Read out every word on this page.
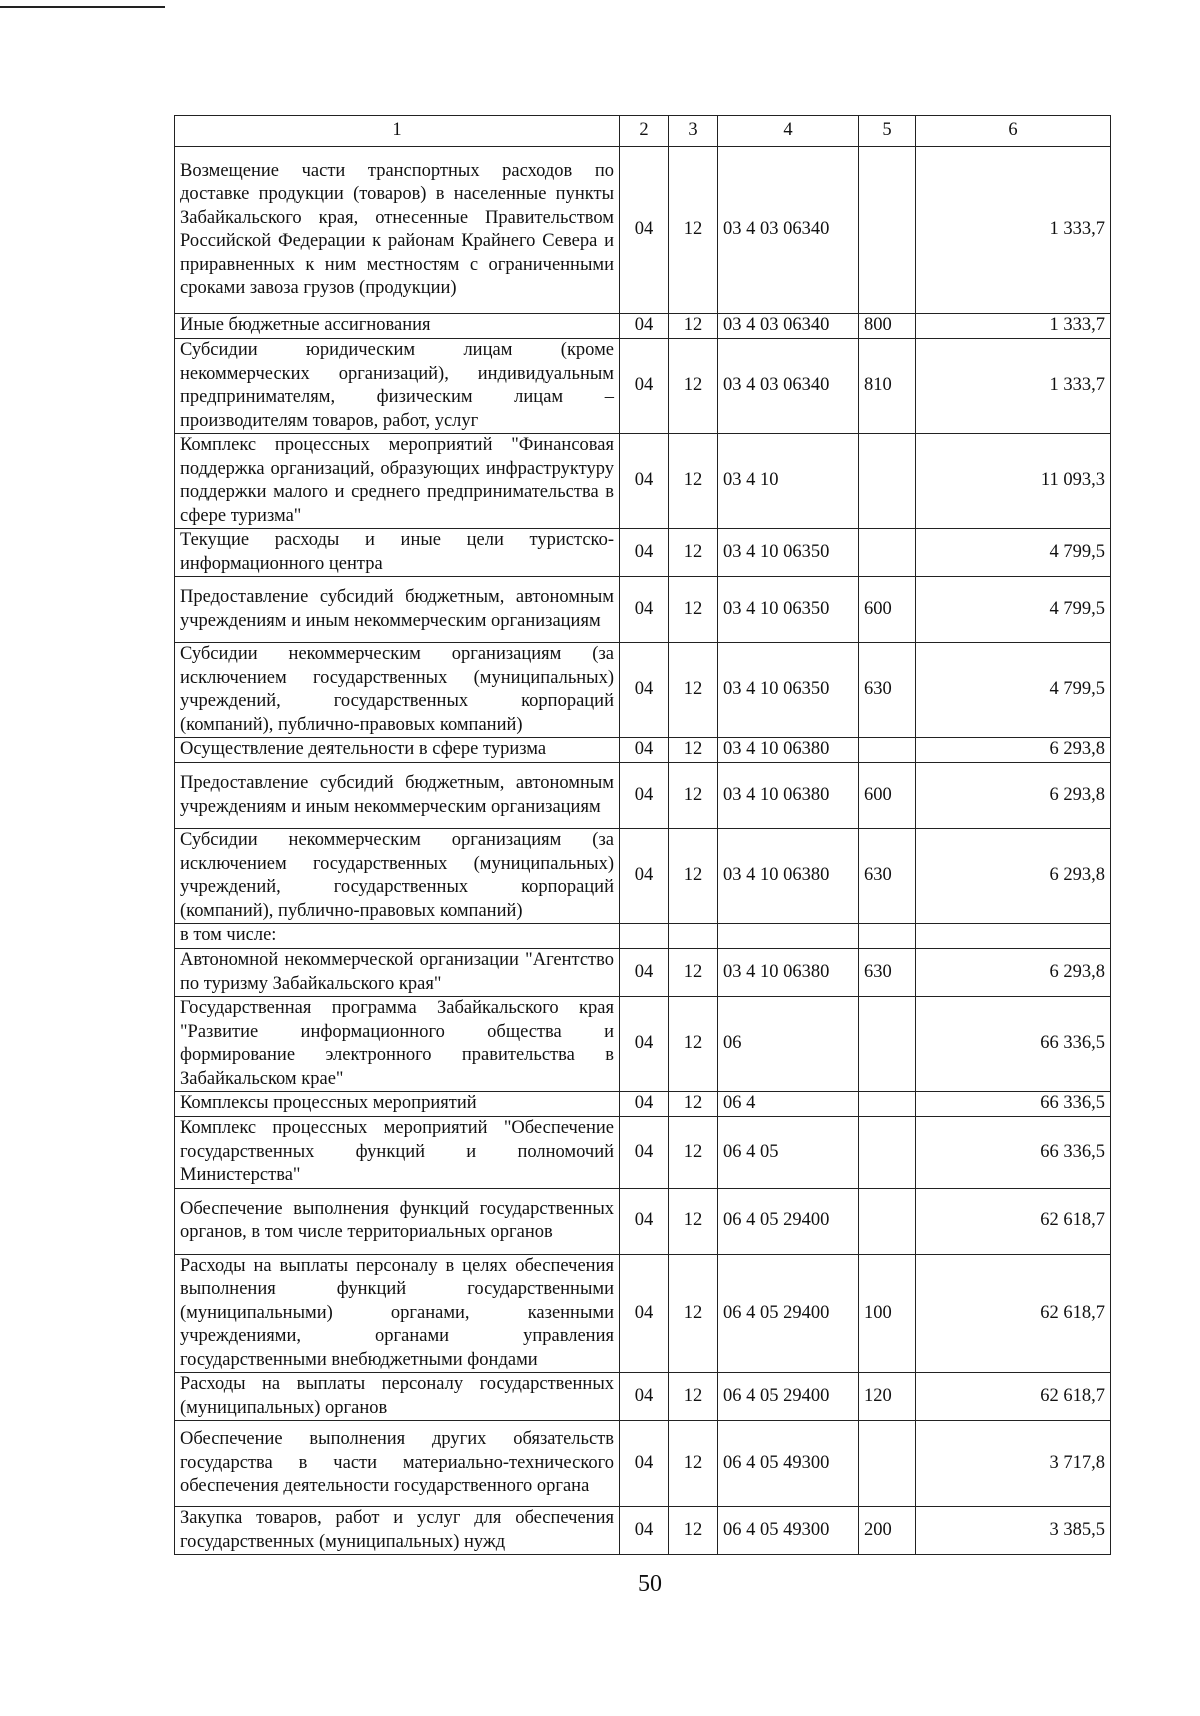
1	2	3	4	5	6
Возмещение части транспортных расходов по доставке продукции (товаров) в населенные пункты Забайкальского края, отнесенные Правительством Российской Федерации к районам Крайнего Севера и приравненных к ним местностям с ограниченными сроками завоза грузов (продукции)	04	12	03 4 03 06340		1 333,7
Иные бюджетные ассигнования	04	12	03 4 03 06340	800	1 333,7
Субсидии юридическим лицам (кроме некоммерческих организаций), индивидуальным предпринимателям, физическим лицам – производителям товаров, работ, услуг	04	12	03 4 03 06340	810	1 333,7
Комплекс процессных мероприятий "Финансовая поддержка организаций, образующих инфраструктуру поддержки малого и среднего предпринимательства в сфере туризма"	04	12	03 4 10		11 093,3
Текущие расходы и иные цели туристско-информационного центра	04	12	03 4 10 06350		4 799,5
Предоставление субсидий бюджетным, автономным учреждениям и иным некоммерческим организациям	04	12	03 4 10 06350	600	4 799,5
Субсидии некоммерческим организациям (за исключением государственных (муниципальных) учреждений, государственных корпораций (компаний), публично-правовых компаний)	04	12	03 4 10 06350	630	4 799,5
Осуществление деятельности в сфере туризма	04	12	03 4 10 06380		6 293,8
Предоставление субсидий бюджетным, автономным учреждениям и иным некоммерческим организациям	04	12	03 4 10 06380	600	6 293,8
Субсидии некоммерческим организациям (за исключением государственных (муниципальных) учреждений, государственных корпораций (компаний), публично-правовых компаний)	04	12	03 4 10 06380	630	6 293,8
в том числе:					
Автономной некоммерческой организации "Агентство по туризму Забайкальского края"	04	12	03 4 10 06380	630	6 293,8
Государственная программа Забайкальского края "Развитие информационного общества и формирование электронного правительства в Забайкальском крае"	04	12	06		66 336,5
Комплексы процессных мероприятий	04	12	06 4		66 336,5
Комплекс процессных мероприятий "Обеспечение государственных функций и полномочий Министерства"	04	12	06 4 05		66 336,5
Обеспечение выполнения функций государственных органов, в том числе территориальных органов	04	12	06 4 05 29400		62 618,7
Расходы на выплаты персоналу в целях обеспечения выполнения функций государственными (муниципальными) органами, казенными учреждениями, органами управления государственными внебюджетными фондами	04	12	06 4 05 29400	100	62 618,7
Расходы на выплаты персоналу государственных (муниципальных) органов	04	12	06 4 05 29400	120	62 618,7
Обеспечение выполнения других обязательств государства в части материально-технического обеспечения деятельности государственного органа	04	12	06 4 05 49300		3 717,8
Закупка товаров, работ и услуг для обеспечения государственных (муниципальных) нужд	04	12	06 4 05 49300	200	3 385,5
50
